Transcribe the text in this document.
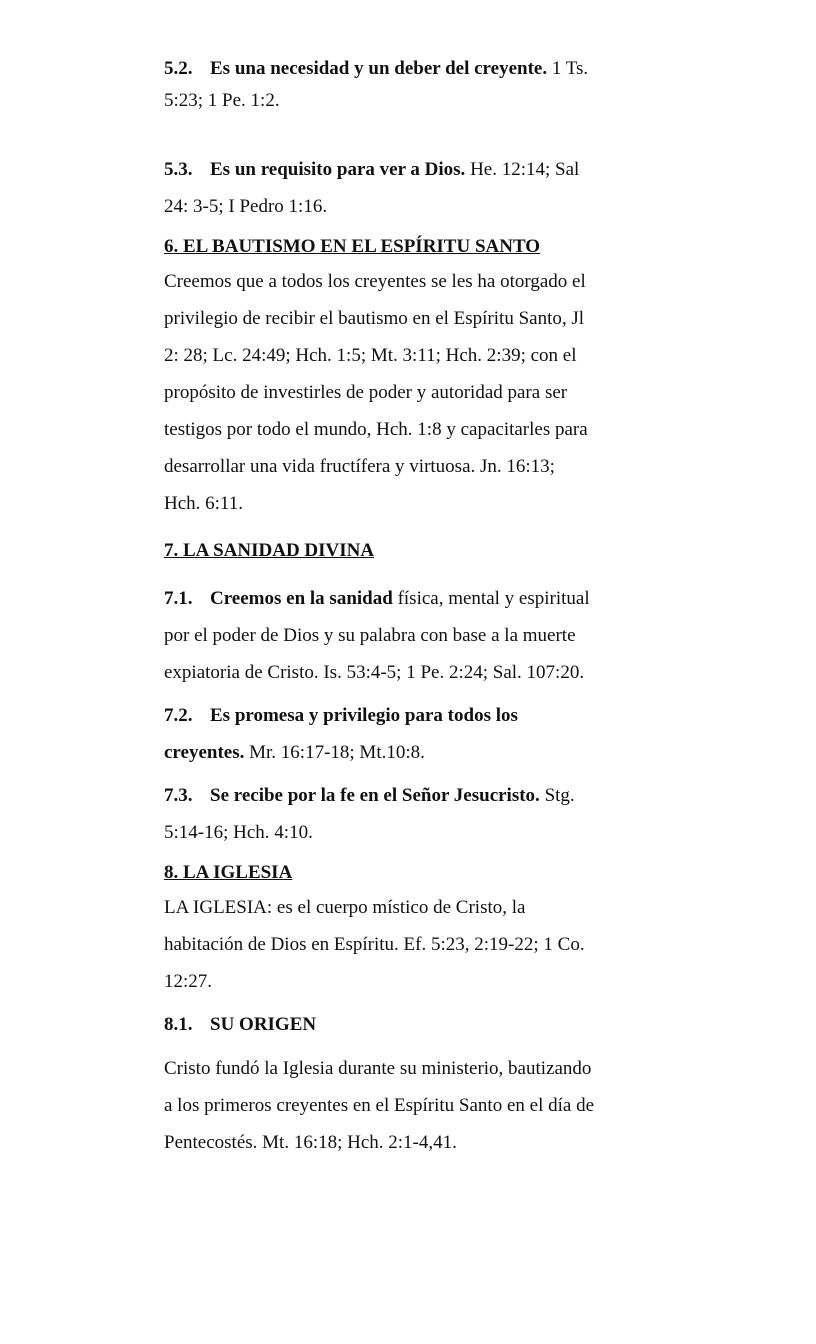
5.2. Es una necesidad y un deber del creyente. 1 Ts.
5:23; 1 Pe. 1:2.
5.3. Es un requisito para ver a Dios. He. 12:14; Sal
24: 3-5; I Pedro 1:16.
6. EL BAUTISMO EN EL ESPÍRITU SANTO
Creemos que a todos los creyentes se les ha otorgado el
privilegio de recibir el bautismo en el Espíritu Santo, Jl
2: 28; Lc. 24:49; Hch. 1:5; Mt. 3:11; Hch. 2:39; con el
propósito de investirles de poder y autoridad para ser
testigos por todo el mundo, Hch. 1:8 y capacitarles para
desarrollar una vida fructífera y virtuosa. Jn. 16:13;
Hch. 6:11.
7. LA SANIDAD DIVINA
7.1. Creemos en la sanidad física, mental y espiritual
por el poder de Dios y su palabra con base a la muerte
expiatoria de Cristo. Is. 53:4-5; 1 Pe. 2:24; Sal. 107:20.
7.2. Es promesa y privilegio para todos los
creyentes. Mr. 16:17-18; Mt.10:8.
7.3. Se recibe por la fe en el Señor Jesucristo. Stg.
5:14-16; Hch. 4:10.
8. LA IGLESIA
LA IGLESIA: es el cuerpo místico de Cristo, la
habitación de Dios en Espíritu. Ef. 5:23, 2:19-22; 1 Co.
12:27.
8.1. SU ORIGEN
Cristo fundó la Iglesia durante su ministerio, bautizando
a los primeros creyentes en el Espíritu Santo en el día de
Pentecostés. Mt. 16:18; Hch. 2:1-4,41.
